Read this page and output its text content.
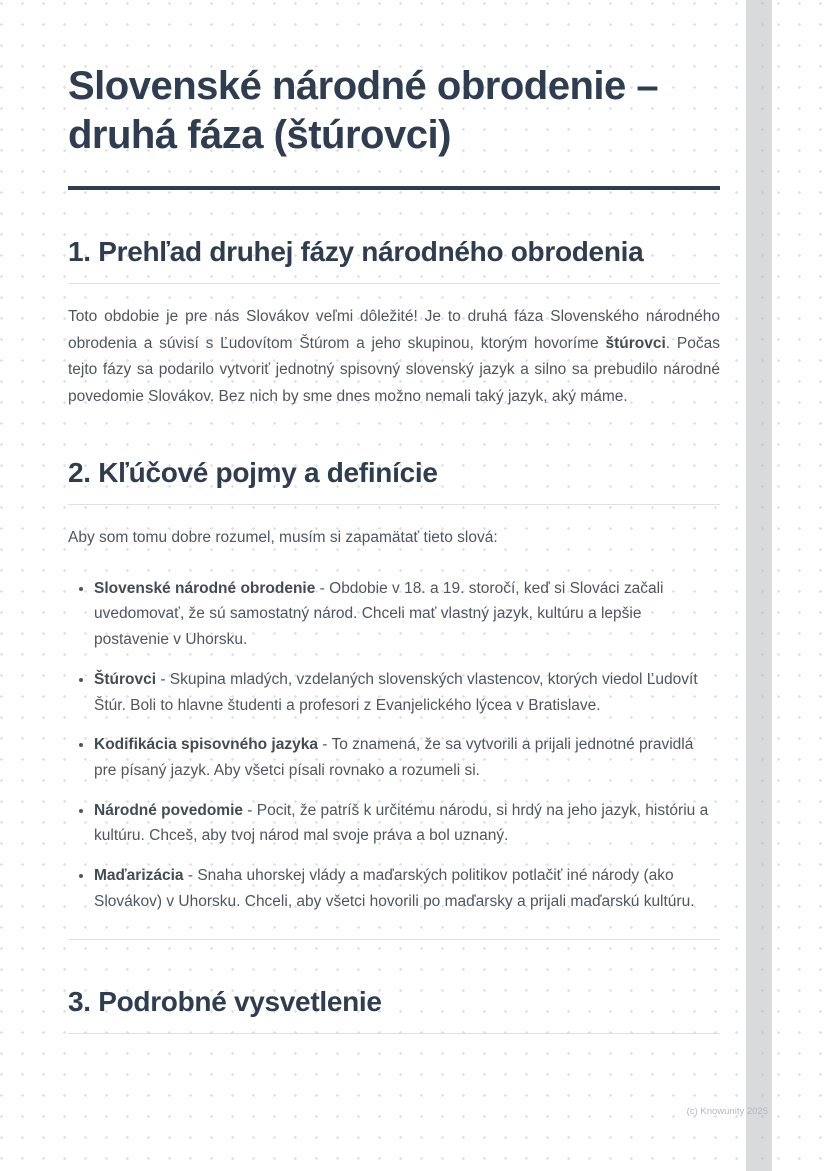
Slovenské národné obrodenie – druhá fáza (štúrovci)
1. Prehľad druhej fázy národného obrodenia

Toto obdobie je pre nás Slovákov veľmi dôležité! Je to druhá fáza Slovenského národného obrodenia a súvisí s Ľudovítom Štúrom a jeho skupinou, ktorým hovoríme štúrovci. Počas tejto fázy sa podarilo vytvoriť jednotný spisovný slovenský jazyk a silno sa prebudilo národné povedomie Slovákov. Bez nich by sme dnes možno nemali taký jazyk, aký máme.

2. Kľúčové pojmy a definície

Aby som tomu dobre rozumel, musím si zapamätať tieto slová:

• Slovenské národné obrodenie - Obdobie v 18. a 19. storočí, keď si Slováci začali uvedomovať, že sú samostatný národ. Chceli mať vlastný jazyk, kultúru a lepšie postavenie v Uhorsku.
• Štúrovci - Skupina mladých, vzdelaných slovenských vlastencov, ktorých viedol Ľudovít Štúr. Boli to hlavne študenti a profesori z Evanjelického lýcea v Bratislave.
• Kodifikácia spisovného jazyka - To znamená, že sa vytvorili a prijali jednotné pravidlá pre písaný jazyk. Aby všetci písali rovnako a rozumeli si.
• Národné povedomie - Pocit, že patríš k určitému národu, si hrdý na jeho jazyk, históriu a kultúru. Chceš, aby tvoj národ mal svoje práva a bol uznaný.
• Maďarizácia - Snaha uhorskej vlády a maďarských politikov potlačiť iné národy (ako Slovákov) v Uhorsku. Chceli, aby všetci hovorili po maďarsky a prijali maďarskú kultúru.
3. Podrobné vysvetlenie
(c) Knowunity 2025
